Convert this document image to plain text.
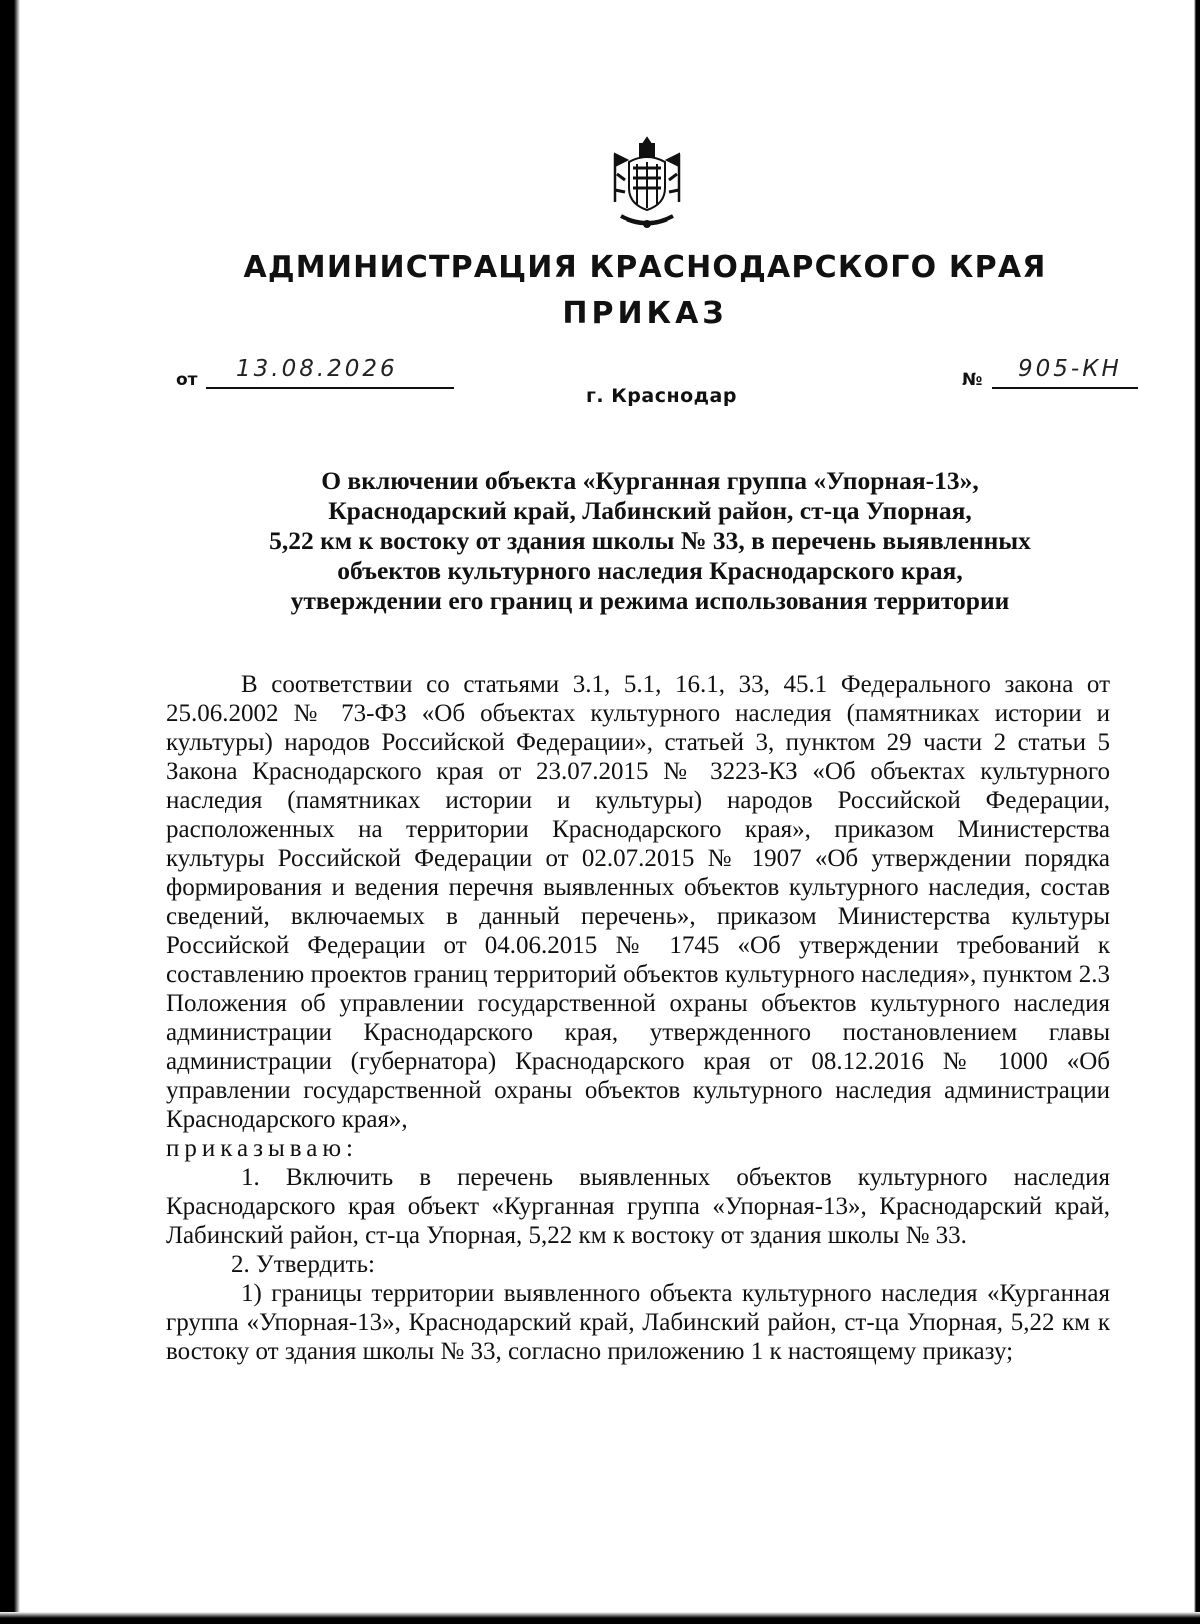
АДМИНИСТРАЦИЯ КРАСНОДАРСКОГО КРАЯ
ПРИКАЗ
от 13.08.2026	№ 905-КН
г. Краснодар
О включении объекта «Курганная группа «Упорная-13»,
Краснодарский край, Лабинский район, ст-ца Упорная,
5,22 км к востоку от здания школы № 33, в перечень выявленных
объектов культурного наследия Краснодарского края,
утверждении его границ и режима использования территории

В соответствии со статьями 3.1, 5.1, 16.1, 33, 45.1 Федерального закона от 25.06.2002 № 73-ФЗ «Об объектах культурного наследия (памятниках истории и культуры) народов Российской Федерации», статьей 3, пунктом 29 части 2 статьи 5 Закона Краснодарского края от 23.07.2015 № 3223-КЗ «Об объектах культурного наследия (памятниках истории и культуры) народов Российской Федерации, расположенных на территории Краснодарского края», приказом Министерства культуры Российской Федерации от 02.07.2015 № 1907 «Об утверждении порядка формирования и ведения перечня выявленных объектов культурного наследия, состав сведений, включаемых в данный перечень», приказом Министерства культуры Российской Федерации от 04.06.2015 № 1745 «Об утверждении требований к составлению проектов границ территорий объектов культурного наследия», пунктом 2.3 Положения об управлении государственной охраны объектов культурного наследия администрации Краснодарского края, утвержденного постановлением главы администрации (губернатора) Краснодарского края от 08.12.2016 № 1000 «Об управлении государственной охраны объектов культурного наследия администрации Краснодарского края»,

приказываю:

1. Включить в перечень выявленных объектов культурного наследия Краснодарского края объект «Курганная группа «Упорная-13», Краснодарский край, Лабинский район, ст-ца Упорная, 5,22 км к востоку от здания школы № 33.

2. Утвердить:

1) границы территории выявленного объекта культурного наследия «Курганная группа «Упорная-13», Краснодарский край, Лабинский район, ст-ца Упорная, 5,22 км к востоку от здания школы № 33, согласно приложению 1 к настоящему приказу;
